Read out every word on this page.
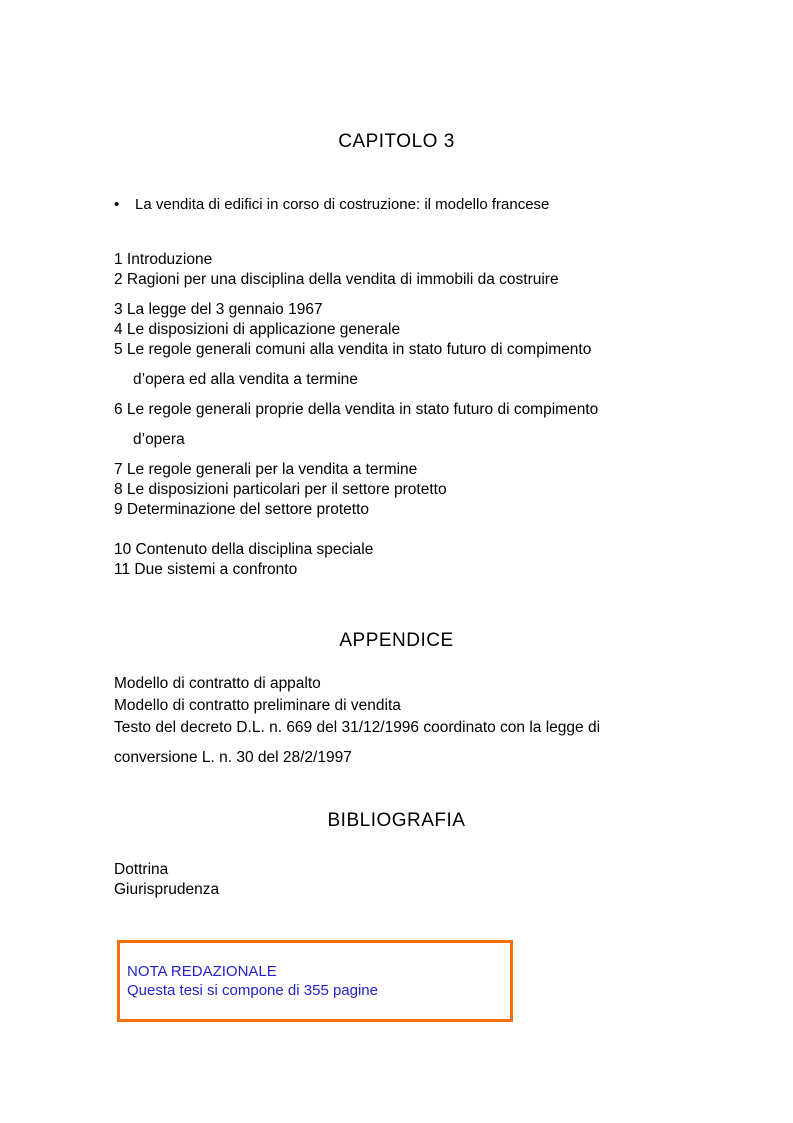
CAPITOLO 3
•	La vendita di edifici in corso di costruzione: il modello francese
1 Introduzione
2 Ragioni per una disciplina della vendita di immobili da costruire
3 La legge del 3 gennaio 1967
4 Le disposizioni di applicazione generale
5 Le regole generali comuni alla vendita in stato futuro di compimento
d’opera ed alla vendita a termine
6 Le regole generali proprie della vendita in stato futuro di compimento
d’opera
7 Le regole generali per la vendita a termine
8 Le disposizioni particolari per il settore protetto
9 Determinazione del settore protetto
10 Contenuto della disciplina speciale
11 Due sistemi a confronto
APPENDICE
Modello di contratto di appalto
Modello di contratto preliminare di vendita
Testo del decreto D.L. n. 669 del 31/12/1996 coordinato con la legge di
conversione L. n. 30 del 28/2/1997
BIBLIOGRAFIA
Dottrina
Giurisprudenza
NOTA REDAZIONALE
Questa tesi si compone di 355 pagine
